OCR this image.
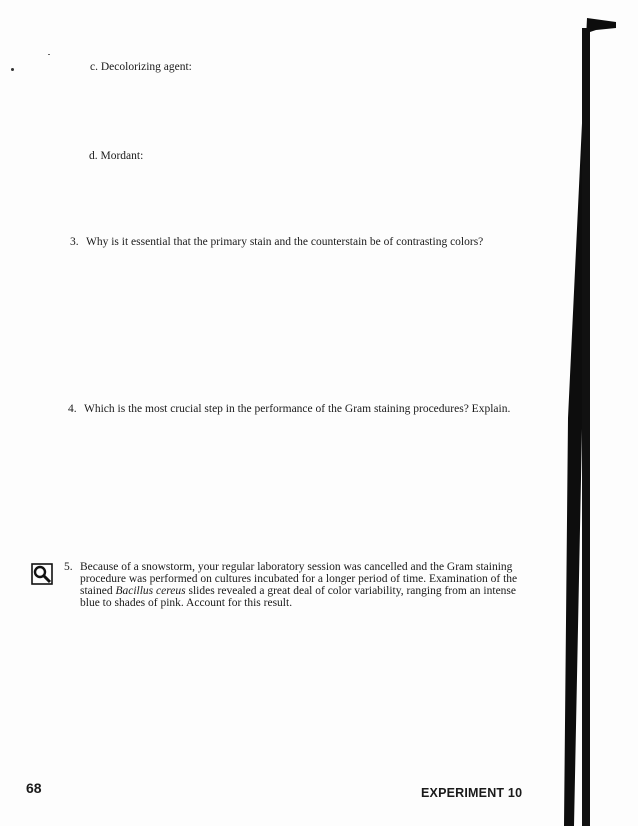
c. Decolorizing agent:
d. Mordant:
3. Why is it essential that the primary stain and the counterstain be of contrasting colors?
4. Which is the most crucial step in the performance of the Gram staining procedures? Explain.
5. Because of a snowstorm, your regular laboratory session was cancelled and the Gram staining procedure was performed on cultures incubated for a longer period of time. Examination of the stained Bacillus cereus slides revealed a great deal of color variability, ranging from an intense blue to shades of pink. Account for this result.
68	EXPERIMENT 10
